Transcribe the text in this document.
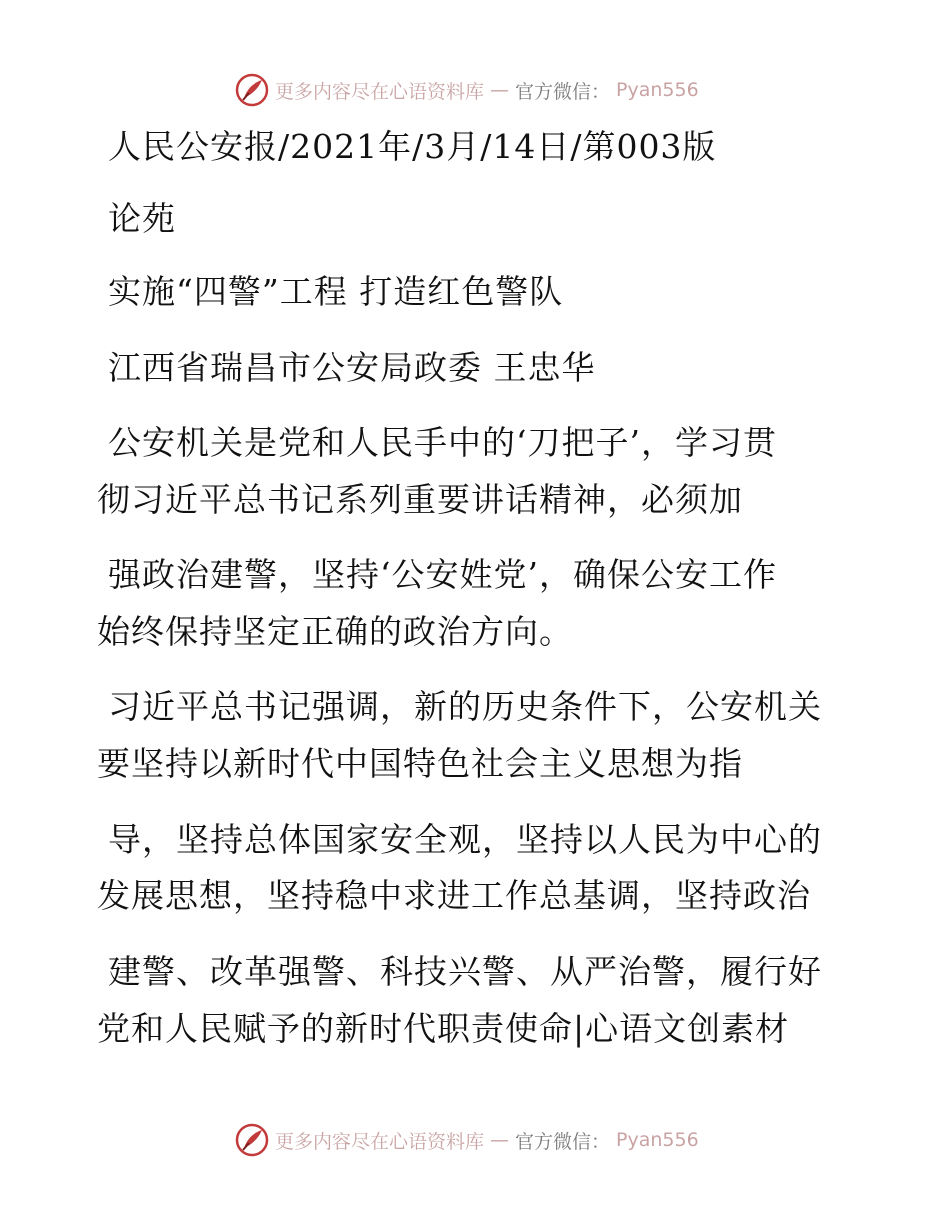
更多内容尽在心语资料库 — 官方微信： Pyan556
人民公安报/2021年/3月/14日/第003版
论苑
实施“四警”工程 打造红色警队
江西省瑞昌市公安局政委 王忠华
公安机关是党和人民手中的‘刀把子’，学习贯
彻习近平总书记系列重要讲话精神，必须加
强政治建警，坚持‘公安姓党’，确保公安工作
始终保持坚定正确的政治方向。
习近平总书记强调，新的历史条件下，公安机关
要坚持以新时代中国特色社会主义思想为指
导，坚持总体国家安全观，坚持以人民为中心的
发展思想，坚持稳中求进工作总基调，坚持政治
建警、改革强警、科技兴警、从严治警，履行好
党和人民赋予的新时代职责使命|心语文创素材
更多内容尽在心语资料库 — 官方微信： Pyan556
